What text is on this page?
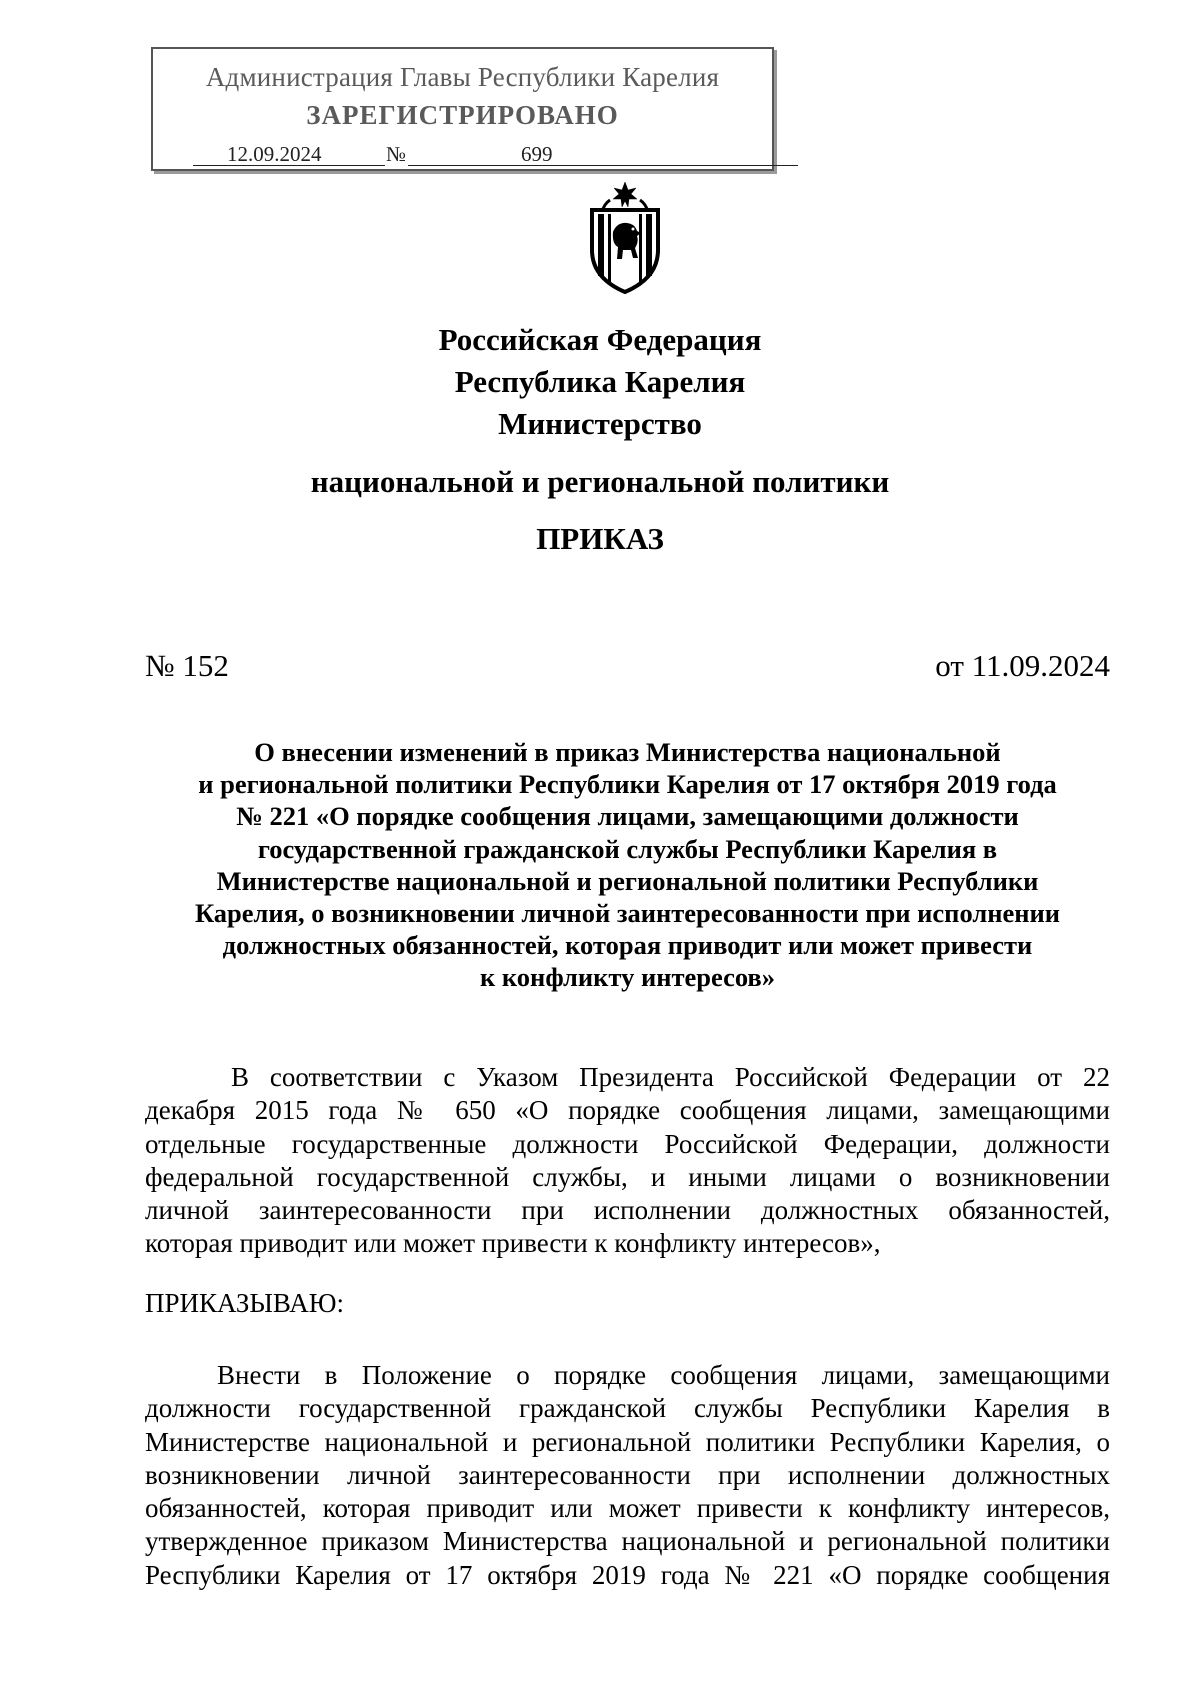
Администрация Главы Республики Карелия
ЗАРЕГИСТРИРОВАНО
12.09.2024	№	699
Российская Федерация
Республика Карелия
Министерство
национальной и региональной политики
ПРИКАЗ
№ 152	от 11.09.2024
О внесении изменений в приказ Министерства национальной
и региональной политики Республики Карелия от 17 октября 2019 года
№ 221 «О порядке сообщения лицами, замещающими должности
государственной гражданской службы Республики Карелия в
Министерстве национальной и региональной политики Республики
Карелия, о возникновении личной заинтересованности при исполнении
должностных обязанностей, которая приводит или может привести
к конфликту интересов»
В соответствии с Указом Президента Российской Федерации от 22
декабря 2015 года № 650 «О порядке сообщения лицами, замещающими
отдельные государственные должности Российской Федерации, должности
федеральной государственной службы, и иными лицами о возникновении
личной заинтересованности при исполнении должностных обязанностей,
которая приводит или может привести к конфликту интересов»,
ПРИКАЗЫВАЮ:
Внести в Положение о порядке сообщения лицами, замещающими
должности государственной гражданской службы Республики Карелия в
Министерстве национальной и региональной политики Республики Карелия, о
возникновении личной заинтересованности при исполнении должностных
обязанностей, которая приводит или может привести к конфликту интересов,
утвержденное приказом Министерства национальной и региональной политики
Республики Карелия от 17 октября 2019 года № 221 «О порядке сообщения
